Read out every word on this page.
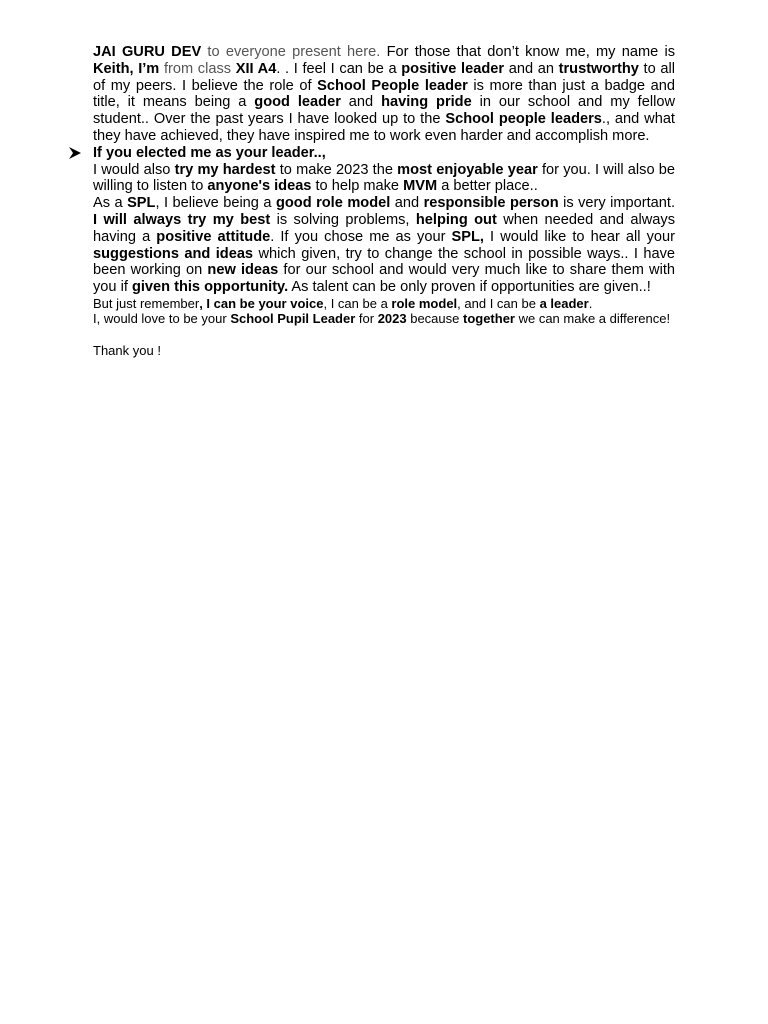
JAI GURU DEV to everyone present here. For those that don’t know me, my name is Keith, I’m from class XII A4. . I feel I can be a positive leader and an trustworthy to all of my peers. I believe the role of School People leader is more than just a badge and title, it means being a good leader and having pride in our school and my fellow student.. Over the past years I have looked up to the School people leaders., and what they have achieved, they have inspired me to work even harder and accomplish more.

If you elected me as your leader..,

I would also try my hardest to make 2023 the most enjoyable year for you. I will also be willing to listen to anyone's ideas to help make MVM a better place..

As a SPL, I believe being a good role model and responsible person is very important. I will always try my best is solving problems, helping out when needed and always having a positive attitude. If you chose me as your SPL, I would like to hear all your suggestions and ideas which given, try to change the school in possible ways.. I have been working on new ideas for our school and would very much like to share them with you if given this opportunity. As talent can be only proven if opportunities are given..!

But just remember, I can be your voice, I can be a role model, and I can be a leader.

I, would love to be your School Pupil Leader for 2023 because together we can make a difference!

Thank you !
